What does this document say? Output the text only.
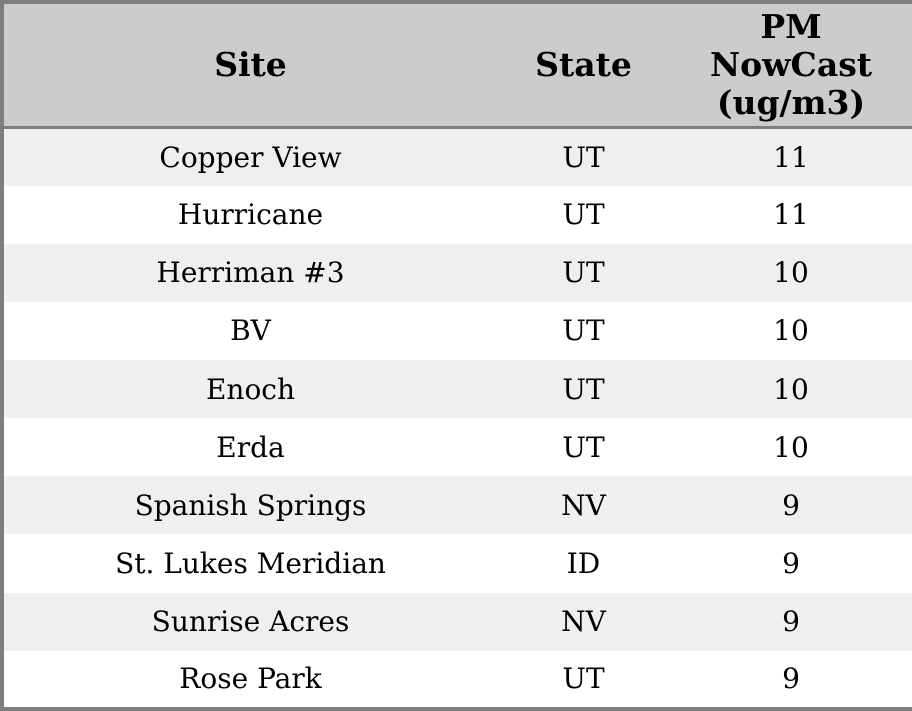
Site	State	PM NowCast (ug/m3)

Copper View	UT	11
Hurricane	UT	11
Herriman #3	UT	10
BV	UT	10
Enoch	UT	10
Erda	UT	10
Spanish Springs	NV	9
St. Lukes Meridian	ID	9
Sunrise Acres	NV	9
Rose Park	UT	9
